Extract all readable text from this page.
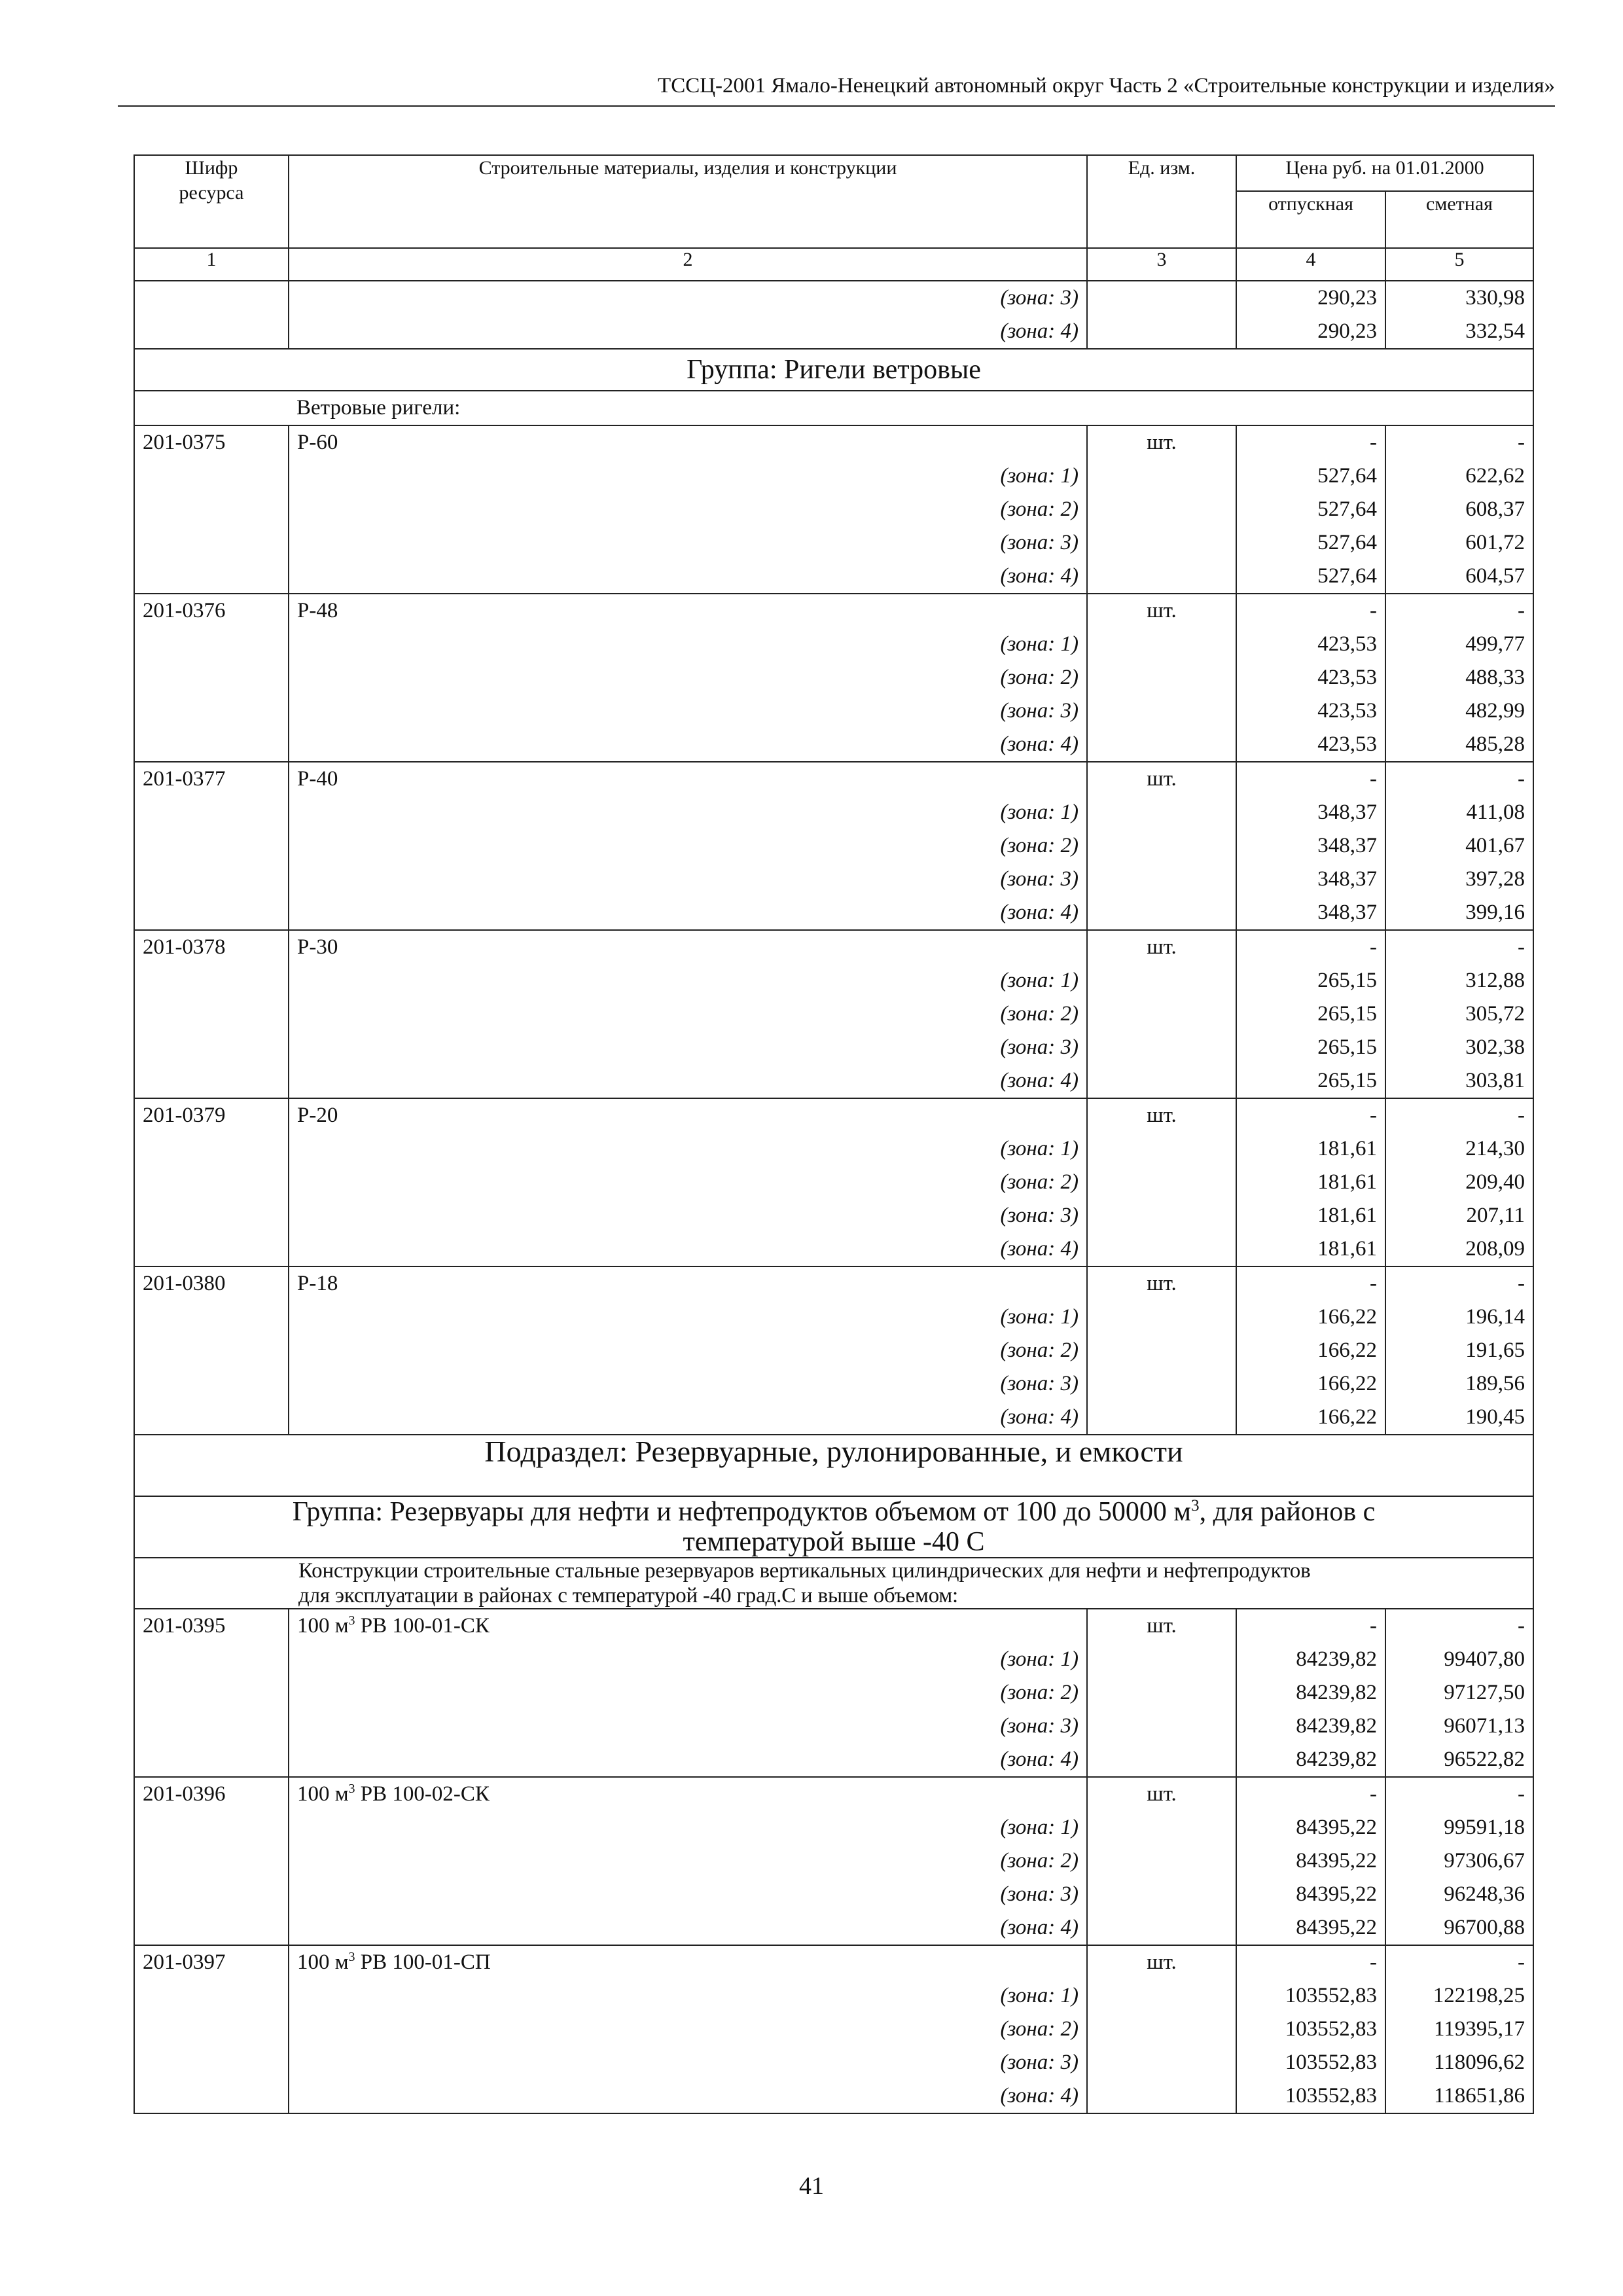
ТССЦ-2001 Ямало-Ненецкий автономный округ Часть 2 «Строительные конструкции и изделия»
Шифр ресурса	Строительные материалы, изделия и конструкции	Ед. изм.	Цена руб. на 01.01.2000	
			отпускная	сметная
1	2	3	4	5
	(зона: 3)		290,23	330,98
	(зона: 4)		290,23	332,54
Группа: Ригели ветровые				
	Ветровые ригели:			
201-0375	Р-60	шт.	-	-
	(зона: 1)		527,64	622,62
	(зона: 2)		527,64	608,37
	(зона: 3)		527,64	601,72
	(зона: 4)		527,64	604,57
201-0376	Р-48	шт.	-	-
	(зона: 1)		423,53	499,77
	(зона: 2)		423,53	488,33
	(зона: 3)		423,53	482,99
	(зона: 4)		423,53	485,28
201-0377	Р-40	шт.	-	-
	(зона: 1)		348,37	411,08
	(зона: 2)		348,37	401,67
	(зона: 3)		348,37	397,28
	(зона: 4)		348,37	399,16
201-0378	Р-30	шт.	-	-
	(зона: 1)		265,15	312,88
	(зона: 2)		265,15	305,72
	(зона: 3)		265,15	302,38
	(зона: 4)		265,15	303,81
201-0379	Р-20	шт.	-	-
	(зона: 1)		181,61	214,30
	(зона: 2)		181,61	209,40
	(зона: 3)		181,61	207,11
	(зона: 4)		181,61	208,09
201-0380	Р-18	шт.	-	-
	(зона: 1)		166,22	196,14
	(зона: 2)		166,22	191,65
	(зона: 3)		166,22	189,56
	(зона: 4)		166,22	190,45
Подраздел: Резервуарные, рулонированные, и емкости				
Группа: Резервуары для нефти и нефтепродуктов объемом от 100 до 50000 $м^3$, для районов с
температурой выше -40 С				

Конструкции строительные стальные резервуаров вертикальных цилиндрических для нефти и нефтепродуктов
для эксплуатации в районах с температурой -40 град.С и выше объемом:				

201-0395	100 $м^3$ РВ 100-01-СК	шт.	-	-
	(зона: 1)		84239,82	99407,80
	(зона: 2)		84239,82	97127,50
	(зона: 3)		84239,82	96071,13
	(зона: 4)		84239,82	96522,82
201-0396	100 $м^3$ РВ 100-02-СК	шт.	-	-
	(зона: 1)		84395,22	99591,18
	(зона: 2)		84395,22	97306,67
	(зона: 3)		84395,22	96248,36
	(зона: 4)		84395,22	96700,88
201-0397	100 $м^3$ РВ 100-01-СП	шт.	-	-
	(зона: 1)		103552,83	122198,25
	(зона: 2)		103552,83	119395,17
	(зона: 3)		103552,83	118096,62
	(зона: 4)		103552,83	118651,86
41
